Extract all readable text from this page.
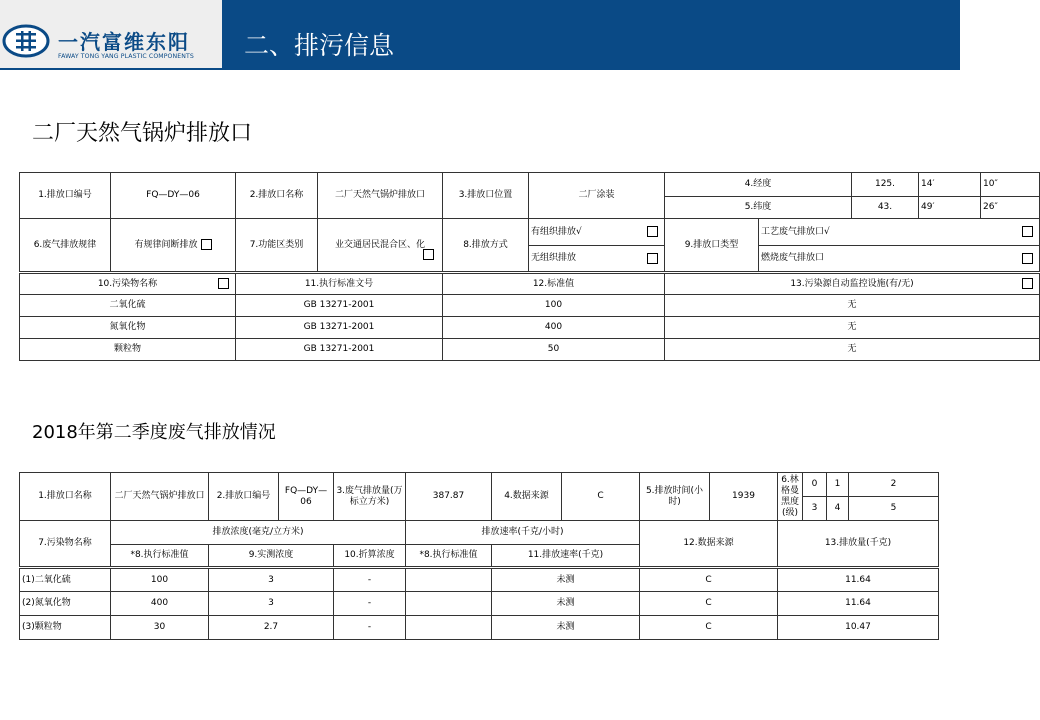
一汽富维东阳
FAWAY TONG YANG PLASTIC COMPONENTS 二、排污信息
二厂天然气锅炉排放口
1.排放口编号	FQ—DY—06	2.排放口名称	二厂天然气锅炉排放口	3.排放口位置	二厂涂装	4.经度		125.	14′	10″
						5.纬度		43.	49′	26″
6.废气排放规律	有规律间断排放	7.功能区类别	业交通居民混合区、化	8.排放方式	有组织排放√	9.排放口类型	工艺废气排放口√			

					无组织排放		燃烧废气排放口			

10.污染物名称		11.执行标准文号		12.标准值		13.污染源自动监控设施(有/无)				

二氧化硫		GB 13271-2001		100		无				
氮氧化物		GB 13271-2001		400		无				
颗粒物		GB 13271-2001		50		无				
2018年第二季度废气排放情况
1.排放口名称	二厂天然气锅炉排放口	2.排放口编号	FQ—DY—06	3.废气排放量(万标立方米)	387.87	4.数据来源	C	5.排放时间(小时)	1939	6.林格曼黑度(级)	0	1	2
											3	4	5
7.污染物名称	排放浓度(毫克/立方米)				排放速率(千克/小时)			12.数据来源		13.排放量(千克)			
	*8.执行标准值	9.实测浓度		10.折算浓度	*8.执行标准值	11.排放速率(千克)							
(1)二氧化硫	100	3		-		未测		C		11.64			
(2)氮氧化物	400	3		-		未测		C		11.64			
(3)颗粒物	30	2.7		-		未测		C		10.47			
